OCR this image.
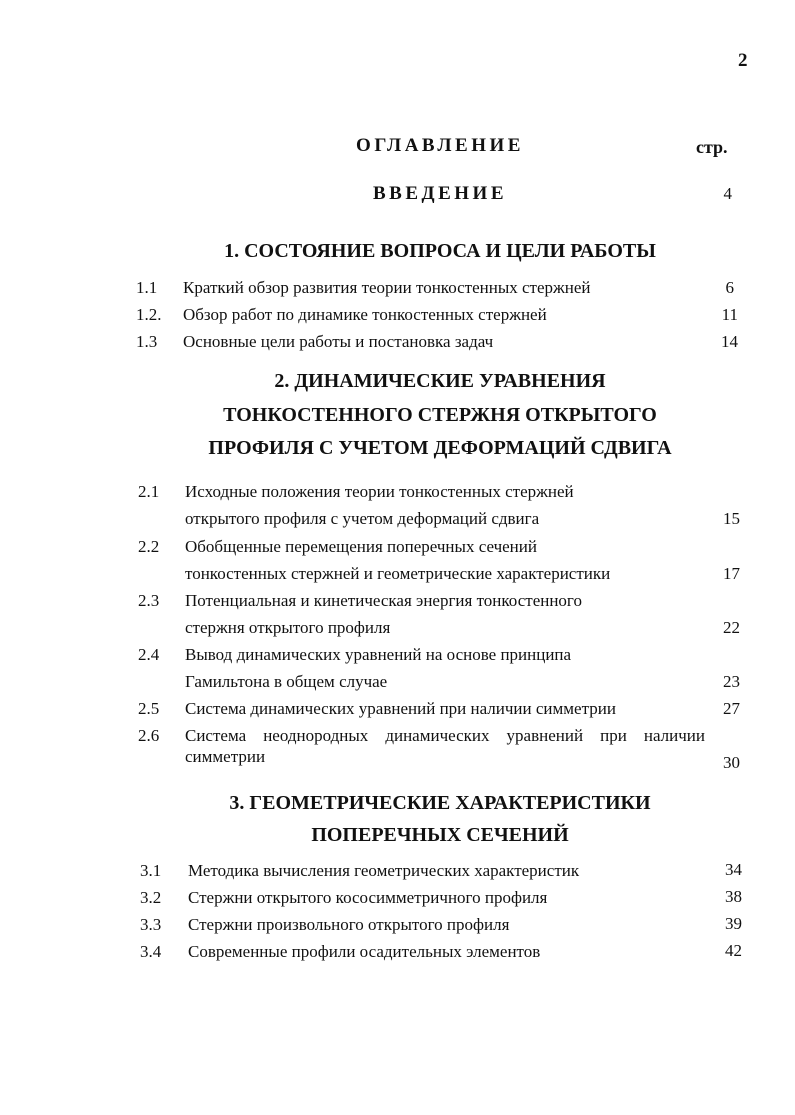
2
ОГЛАВЛЕНИЕ	стр.
ВВЕДЕНИЕ	4
1. СОСТОЯНИЕ ВОПРОСА И ЦЕЛИ РАБОТЫ
1.1 Краткий обзор развития теории тонкостенных стержней	6
1.2. Обзор работ по динамике тонкостенных стержней	11
1.3 Основные цели работы и постановка задач	14
2. ДИНАМИЧЕСКИЕ УРАВНЕНИЯ
ТОНКОСТЕННОГО СТЕРЖНЯ ОТКРЫТОГО
ПРОФИЛЯ С УЧЕТОМ ДЕФОРМАЦИЙ СДВИГА
2.1 Исходные положения теории тонкостенных стержней
открытого профиля с учетом деформаций сдвига	15
2.2 Обобщенные перемещения поперечных сечений
тонкостенных стержней и геометрические характеристики	17
2.3 Потенциальная и кинетическая энергия тонкостенного
стержня открытого профиля	22
2.4 Вывод динамических уравнений на основе принципа
Гамильтона в общем случае	23
2.5 Система динамических уравнений при наличии симметрии	27
2.6 Система неоднородных динамических уравнений при наличии
симметрии	30
3. ГЕОМЕТРИЧЕСКИЕ ХАРАКТЕРИСТИКИ
ПОПЕРЕЧНЫХ СЕЧЕНИЙ
3.1 Методика вычисления геометрических характеристик	34
3.2 Стержни открытого кососимметричного профиля	38
3.3 Стержни произвольного открытого профиля	39
3.4 Современные профили осадительных элементов	42
